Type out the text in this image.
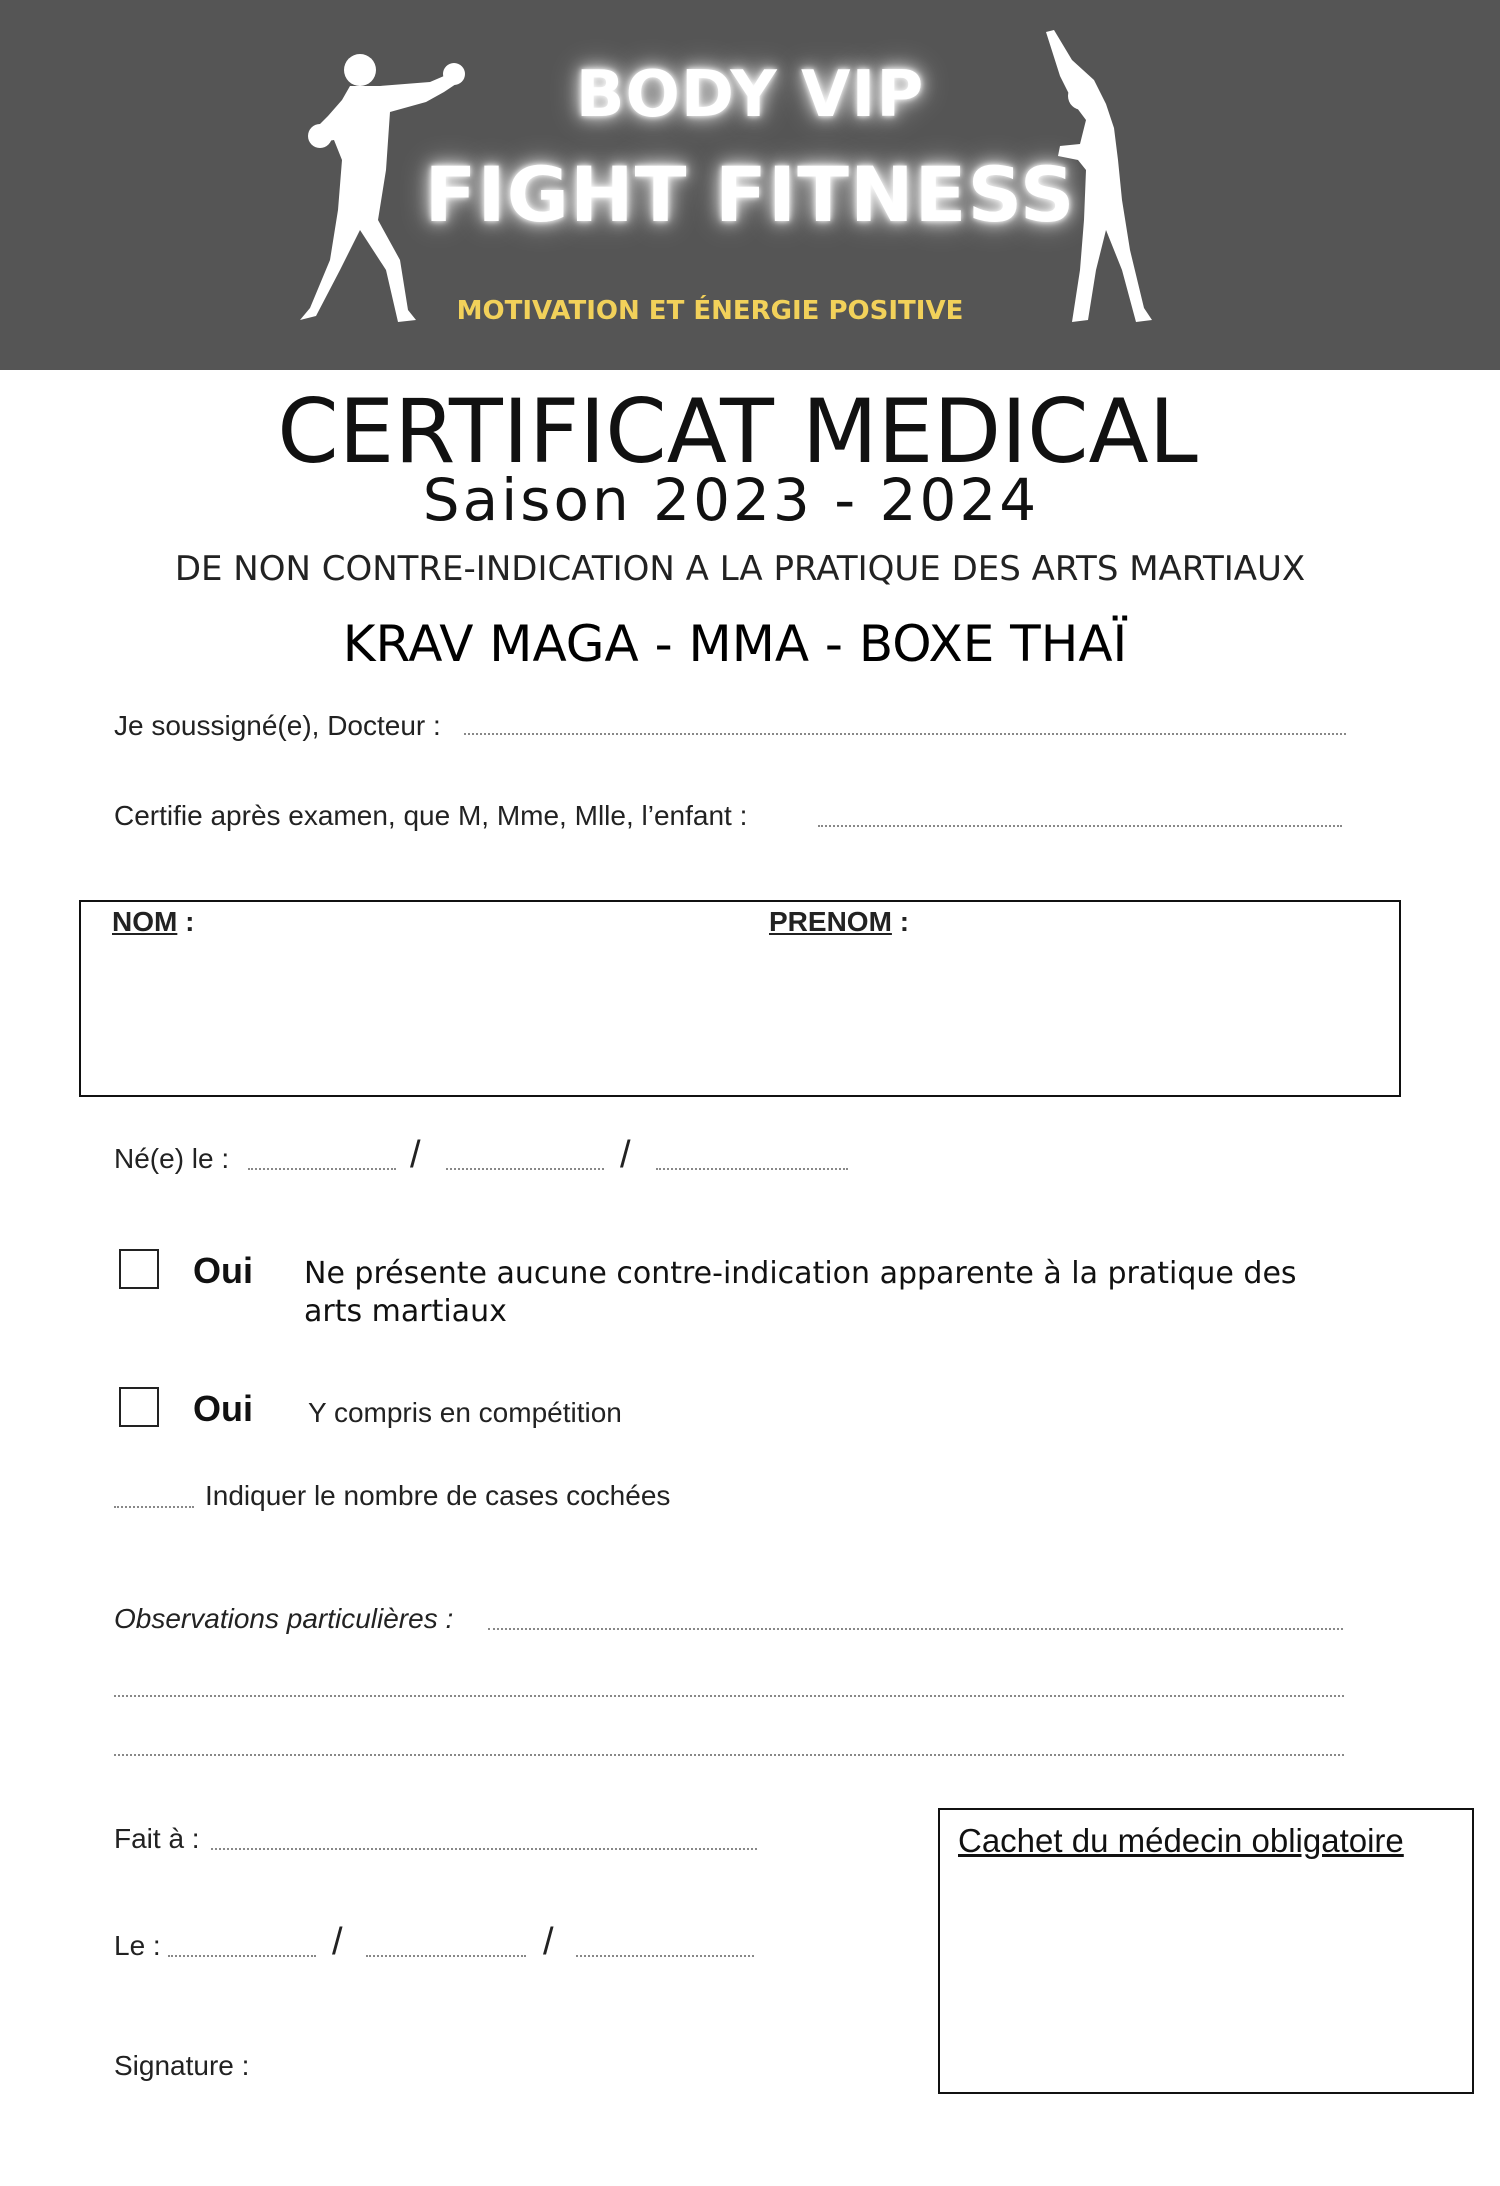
BODY VIP
FIGHT FITNESS
MOTIVATION ET ÉNERGIE POSITIVE
CERTIFICAT MEDICAL
Saison 2023 - 2024
DE NON CONTRE-INDICATION A LA PRATIQUE DES ARTS MARTIAUX
KRAV MAGA - MMA - BOXE THAÏ
Je soussigné(e), Docteur :
Certifie après examen, que M, Mme, Mlle, l’enfant :
NOM :	PRENOM :
Né(e) le :	/	/
Oui Ne présente aucune contre-indication apparente à la pratique des arts martiaux
Oui Y compris en compétition
Indiquer le nombre de cases cochées
Observations particulières :
Fait à :
Le :	/	/
Signature :
Cachet du médecin obligatoire
